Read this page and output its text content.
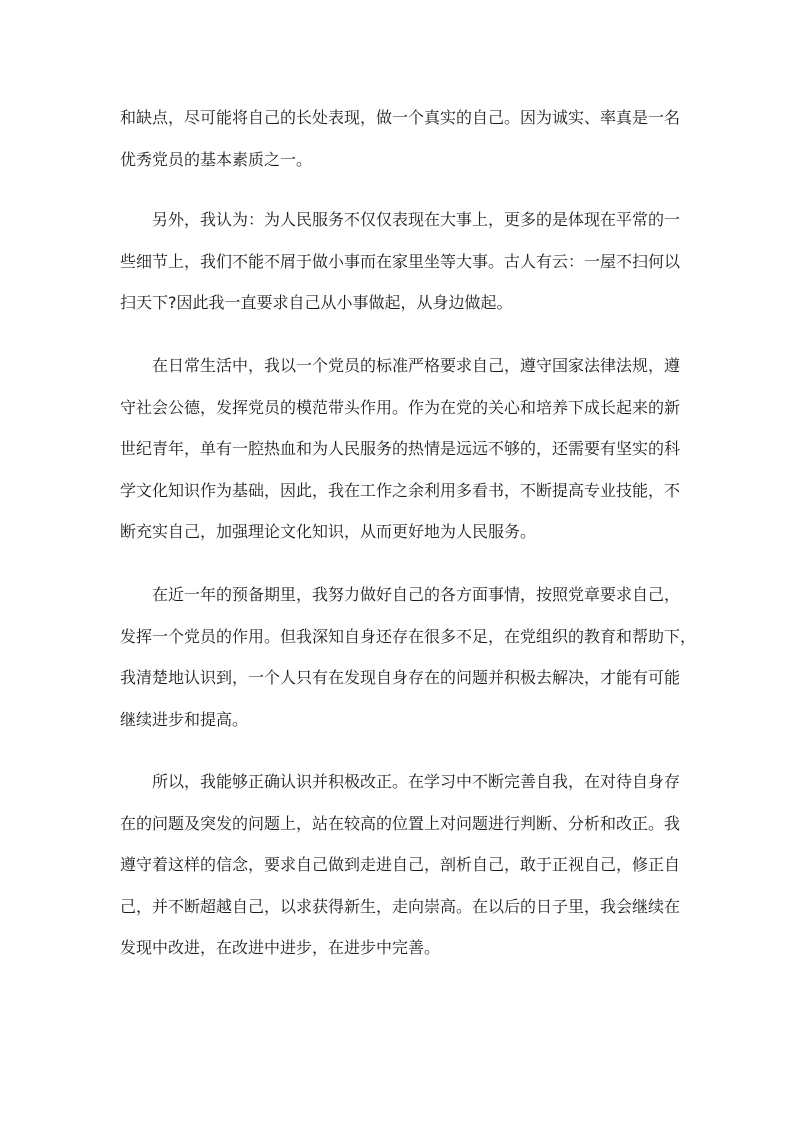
和缺点，尽可能将自己的长处表现，做一个真实的自己。因为诚实、率真是一名
优秀党员的基本素质之一。
另外，我认为：为人民服务不仅仅表现在大事上，更多的是体现在平常的一
些细节上，我们不能不屑于做小事而在家里坐等大事。古人有云：一屋不扫何以
扫天下?因此我一直要求自己从小事做起，从身边做起。
在日常生活中，我以一个党员的标准严格要求自己，遵守国家法律法规，遵
守社会公德，发挥党员的模范带头作用。作为在党的关心和培养下成长起来的新
世纪青年，单有一腔热血和为人民服务的热情是远远不够的，还需要有坚实的科
学文化知识作为基础，因此，我在工作之余利用多看书，不断提高专业技能，不
断充实自己，加强理论文化知识，从而更好地为人民服务。
在近一年的预备期里，我努力做好自己的各方面事情，按照党章要求自己，
发挥一个党员的作用。但我深知自身还存在很多不足，在党组织的教育和帮助下，
我清楚地认识到，一个人只有在发现自身存在的问题并积极去解决，才能有可能
继续进步和提高。
所以，我能够正确认识并积极改正。在学习中不断完善自我，在对待自身存
在的问题及突发的问题上，站在较高的位置上对问题进行判断、分析和改正。我
遵守着这样的信念，要求自己做到走进自己，剖析自己，敢于正视自己，修正自
己，并不断超越自己，以求获得新生，走向崇高。在以后的日子里，我会继续在
发现中改进，在改进中进步，在进步中完善。
